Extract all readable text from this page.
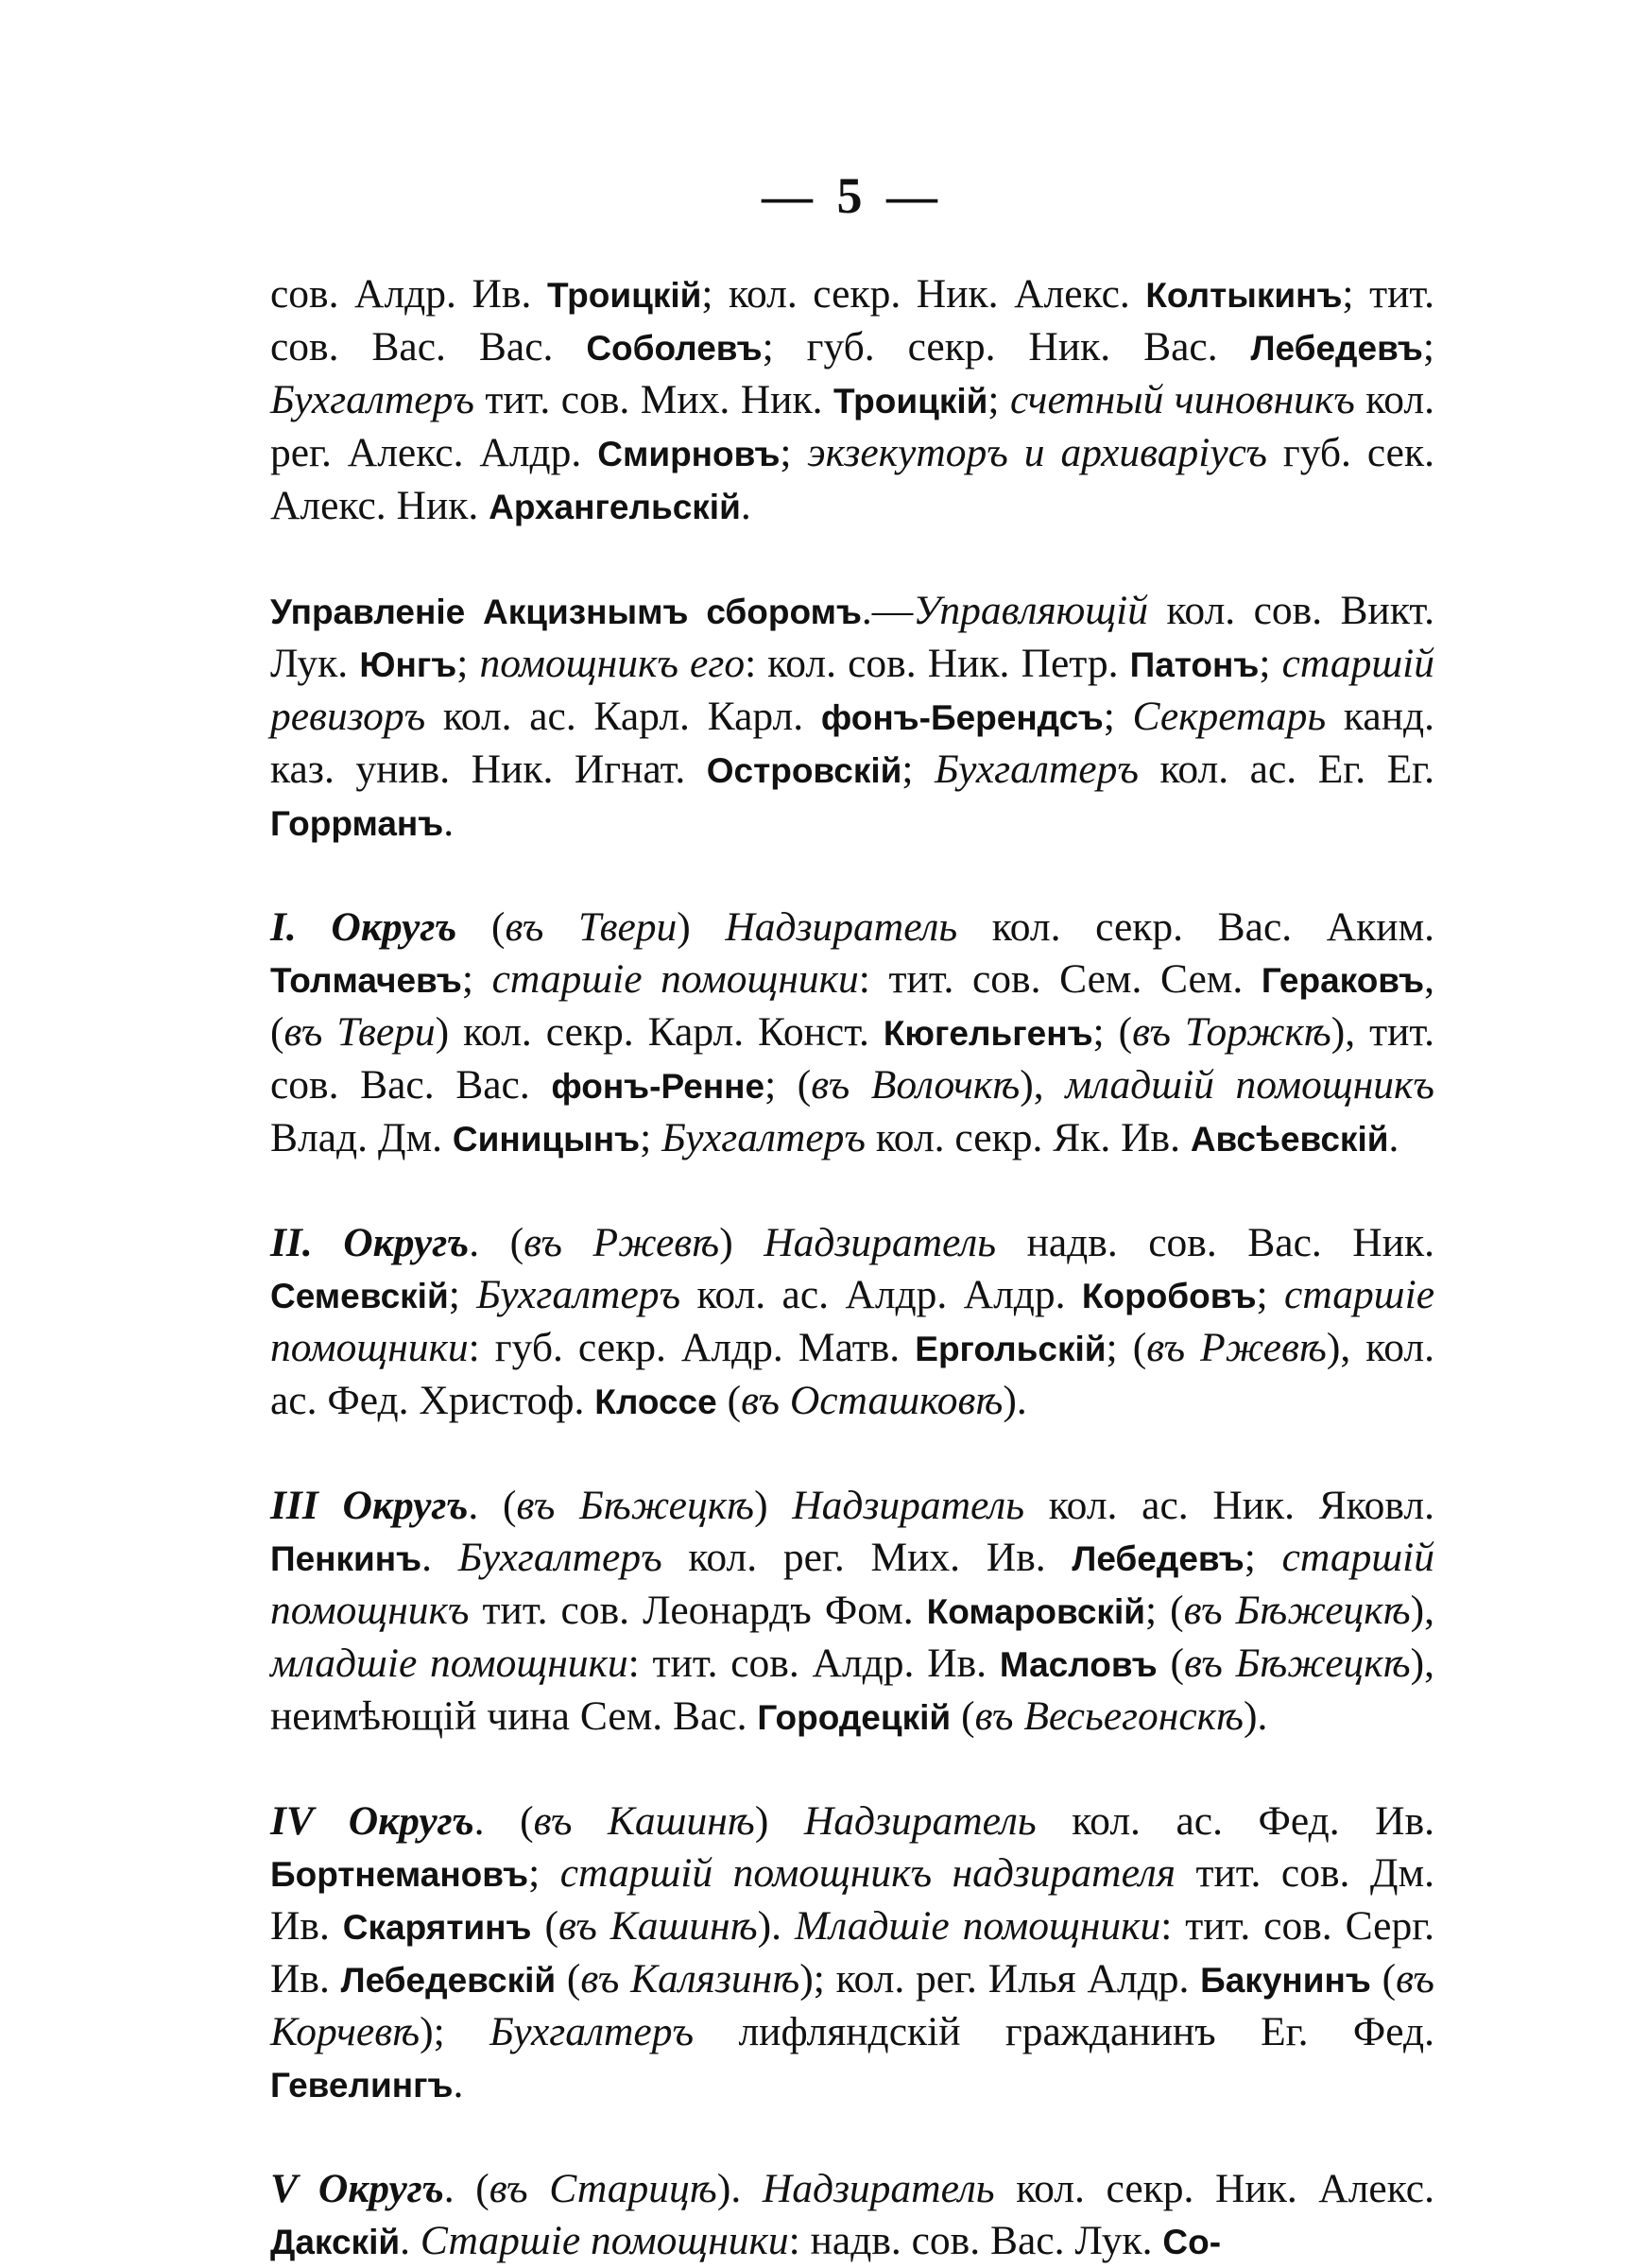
— 5 —

сов. Алдр. Ив. Троицкій; кол. секр. Ник. Алекс. Колтыкинъ; тит. сов. Вас. Вас. Соболевъ; губ. секр. Ник. Вас. Лебедевъ; Бухгалтеръ тит. сов. Мих. Ник. Троицкій; счетный чиновникъ кол. рег. Алекс. Алдр. Смирновъ; экзекуторъ и архиваріусъ губ. сек. Алекс. Ник. Архангельскій.

Управленіе Акцизнымъ сборомъ.—Управляющій кол. сов. Викт. Лук. Юнгъ; помощникъ его: кол. сов. Ник. Петр. Патонъ; старшій ревизоръ кол. ас. Карл. Карл. фонъ-Берендсъ; Секретарь канд. каз. унив. Ник. Игнат. Островскій; Бухгалтеръ кол. ас. Ег. Ег. Горрманъ.

I. Округъ (въ Твери) Надзиратель кол. секр. Вас. Аким. Толмачевъ; старшіе помощники: тит. сов. Сем. Сем. Гераковъ, (въ Твери) кол. секр. Карл. Конст. Кюгельгенъ; (въ Торжкѣ), тит. сов. Вас. Вас. фонъ-Ренне; (въ Волочкѣ), младшій помощникъ Влад. Дм. Синицынъ; Бухгалтеръ кол. секр. Як. Ив. Авсѣевскій.

II. Округъ. (въ Ржевѣ) Надзиратель надв. сов. Вас. Ник. Семевскій; Бухгалтеръ кол. ас. Алдр. Алдр. Коробовъ; старшіе помощники: губ. секр. Алдр. Матв. Ергольскій; (въ Ржевѣ), кол. ас. Фед. Христоф. Клоссе (въ Осташковѣ).

III Округъ. (въ Бѣжецкѣ) Надзиратель кол. ас. Ник. Яковл. Пенкинъ. Бухгалтеръ кол. рег. Мих. Ив. Лебедевъ; старшій помощникъ тит. сов. Леонардъ Фом. Комаровскій; (въ Бѣжецкѣ), младшіе помощники: тит. сов. Алдр. Ив. Масловъ (въ Бѣжецкѣ), неимѣющій чина Сем. Вас. Городецкій (въ Весьегонскѣ).

IV Округъ. (въ Кашинѣ) Надзиратель кол. ас. Фед. Ив. Бортнемановъ; старшій помощникъ надзирателя тит. сов. Дм. Ив. Скарятинъ (въ Кашинѣ). Младшіе помощники: тит. сов. Серг. Ив. Лебедевскій (въ Калязинѣ); кол. рег. Илья Алдр. Бакунинъ (въ Корчевѣ); Бухгалтеръ лифляндскій гражданинъ Ег. Фед. Гевелингъ.

V Округъ. (въ Старицѣ). Надзиратель кол. секр. Ник. Алекс. Дакскій. Старшіе помощники: надв. сов. Вас. Лук. Со-
